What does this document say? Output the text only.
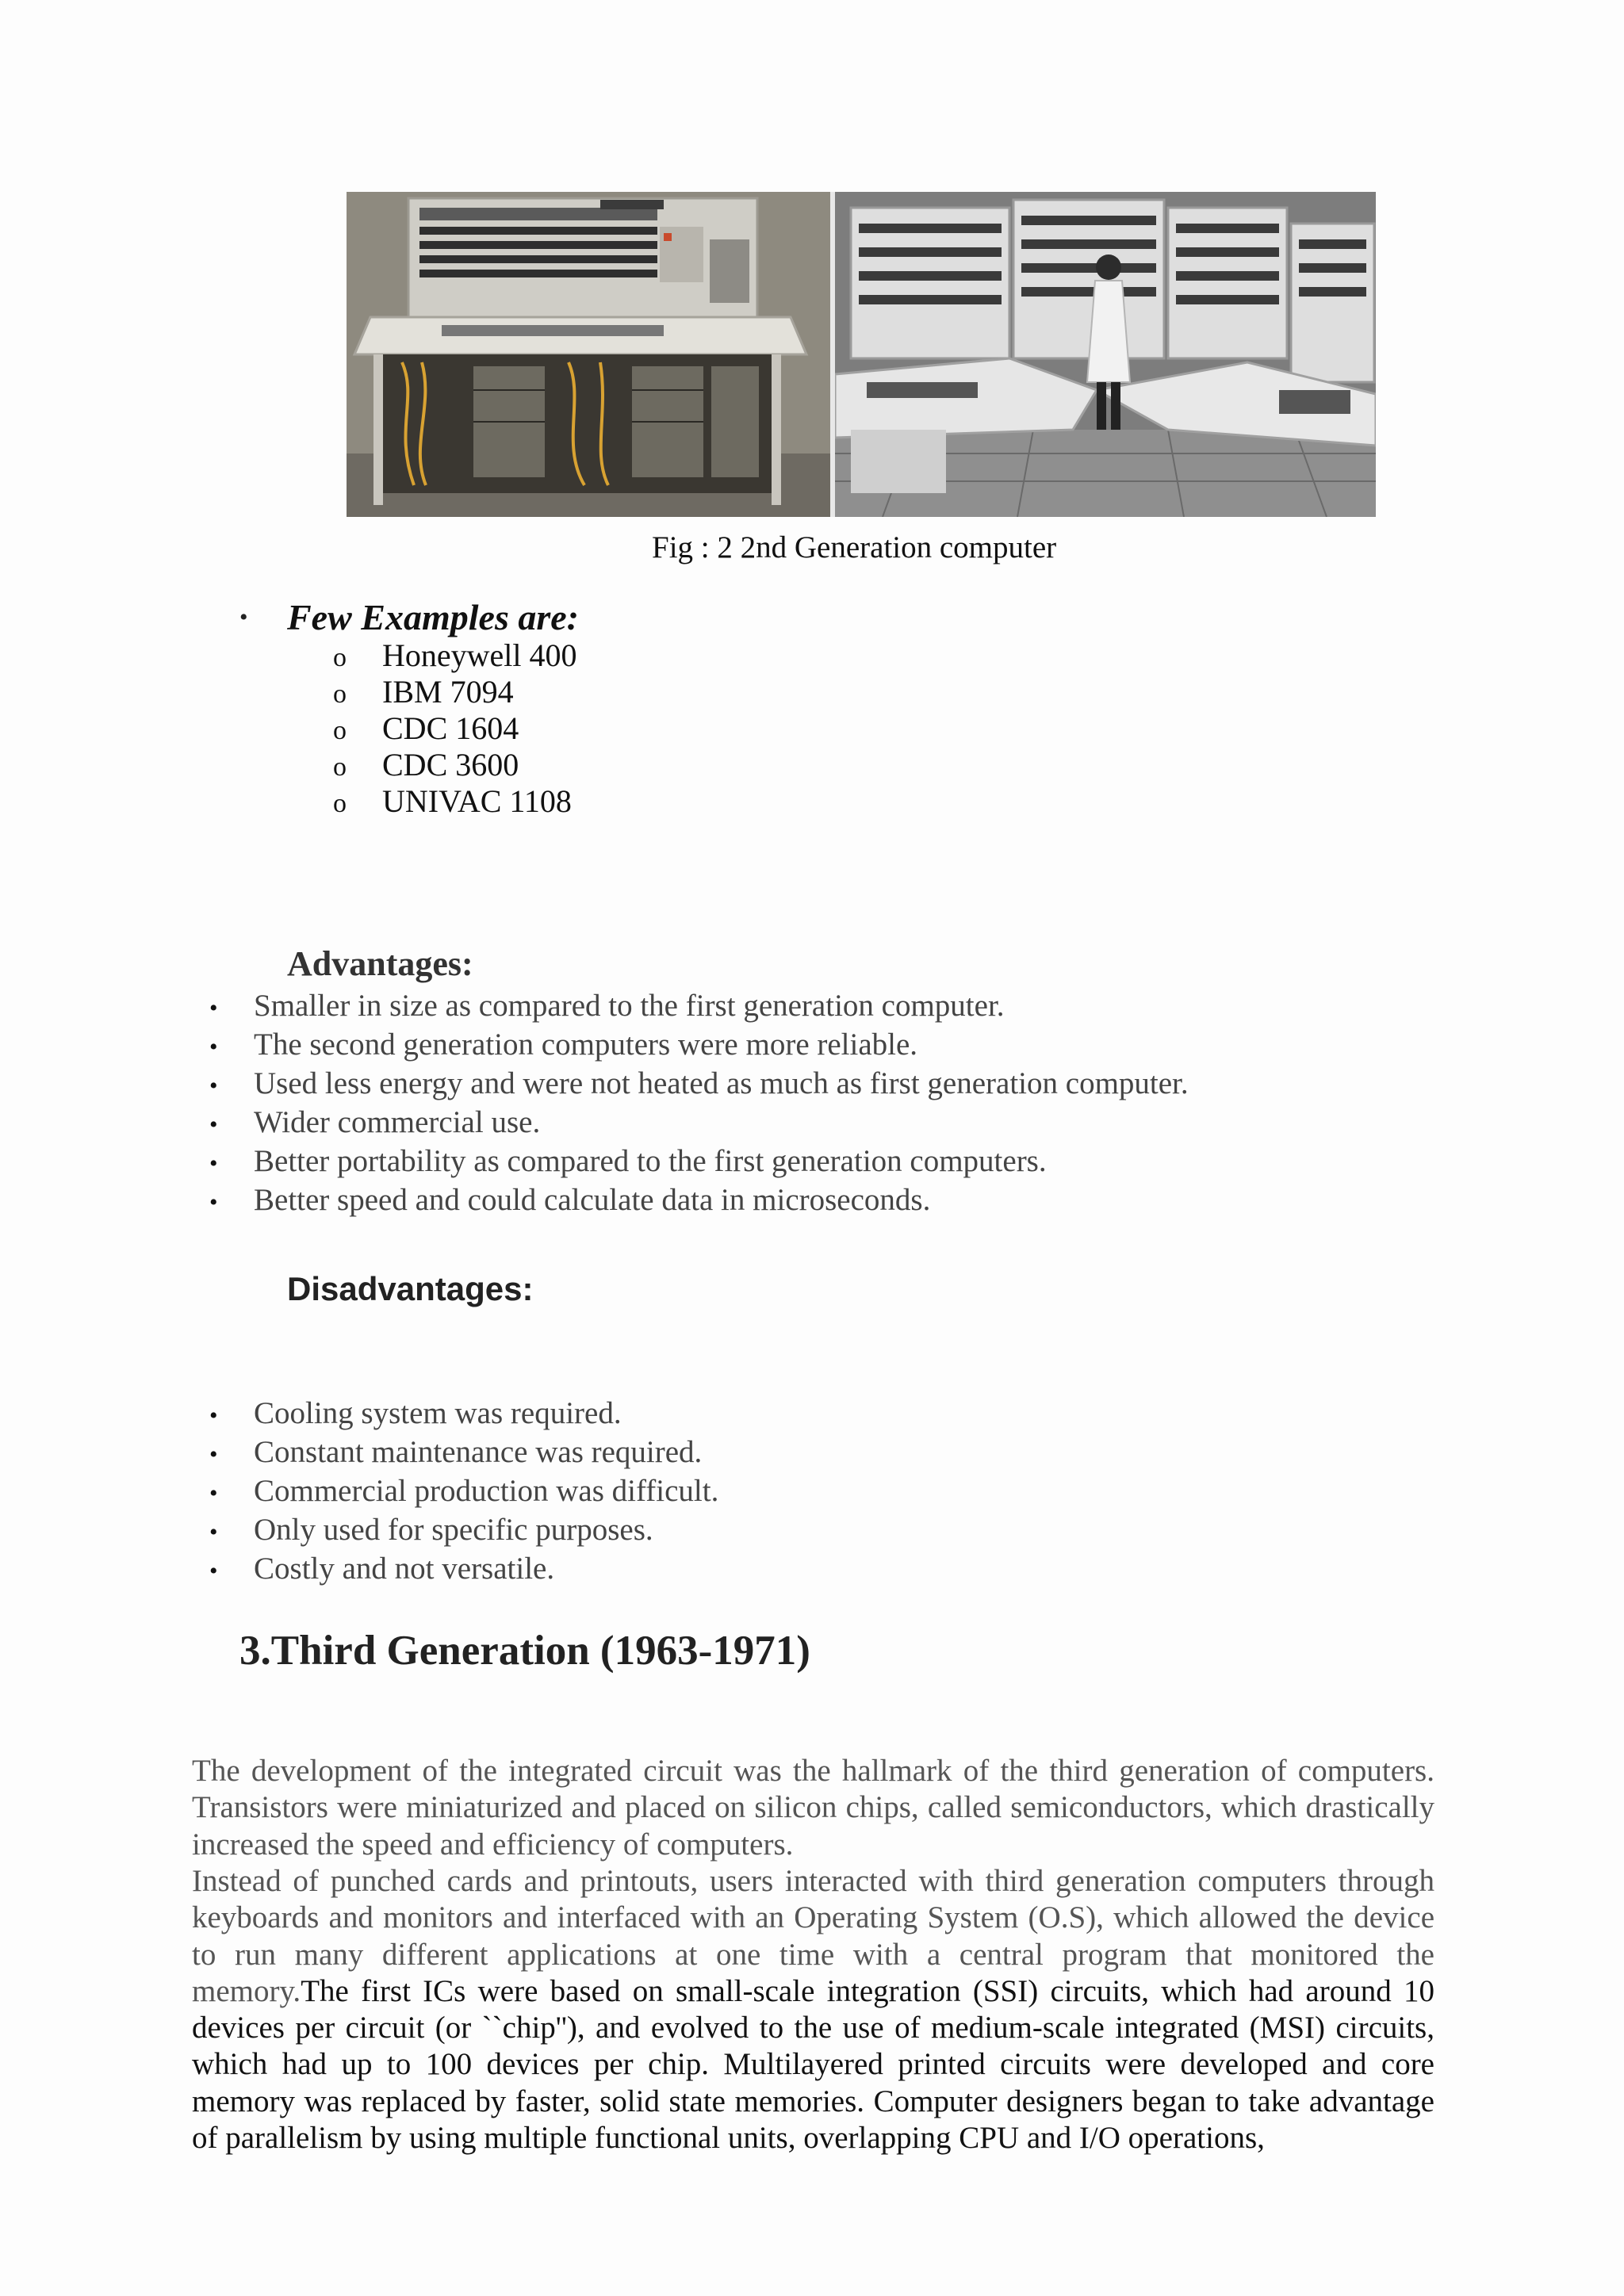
Fig : 2 2nd Generation computer
• Few Examples are:
o Honeywell 400
o IBM 7094
o CDC 1604
o CDC 3600
o UNIVAC 1108
Advantages:
• Smaller in size as compared to the first generation computer.
• The second generation computers were more reliable.
• Used less energy and were not heated as much as first generation computer.
• Wider commercial use.
• Better portability as compared to the first generation computers.
• Better speed and could calculate data in microseconds.
Disadvantages:
• Cooling system was required.
• Constant maintenance was required.
• Commercial production was difficult.
• Only used for specific purposes.
• Costly and not versatile.
3.Third Generation (1963-1971)

The development of the integrated circuit was the hallmark of the third generation of computers. Transistors were miniaturized and placed on silicon chips, called semiconductors, which drastically increased the speed and efficiency of computers.

Instead of punched cards and printouts, users interacted with third generation computers through keyboards and monitors and interfaced with an Operating System (O.S), which allowed the device to run many different applications at one time with a central program that monitored the memory.The first ICs were based on small-scale integration (SSI) circuits, which had around 10 devices per circuit (or ``chip''), and evolved to the use of medium-scale integrated (MSI) circuits, which had up to 100 devices per chip. Multilayered printed circuits were developed and core memory was replaced by faster, solid state memories. Computer designers began to take advantage of parallelism by using multiple functional units, overlapping CPU and I/O operations,
